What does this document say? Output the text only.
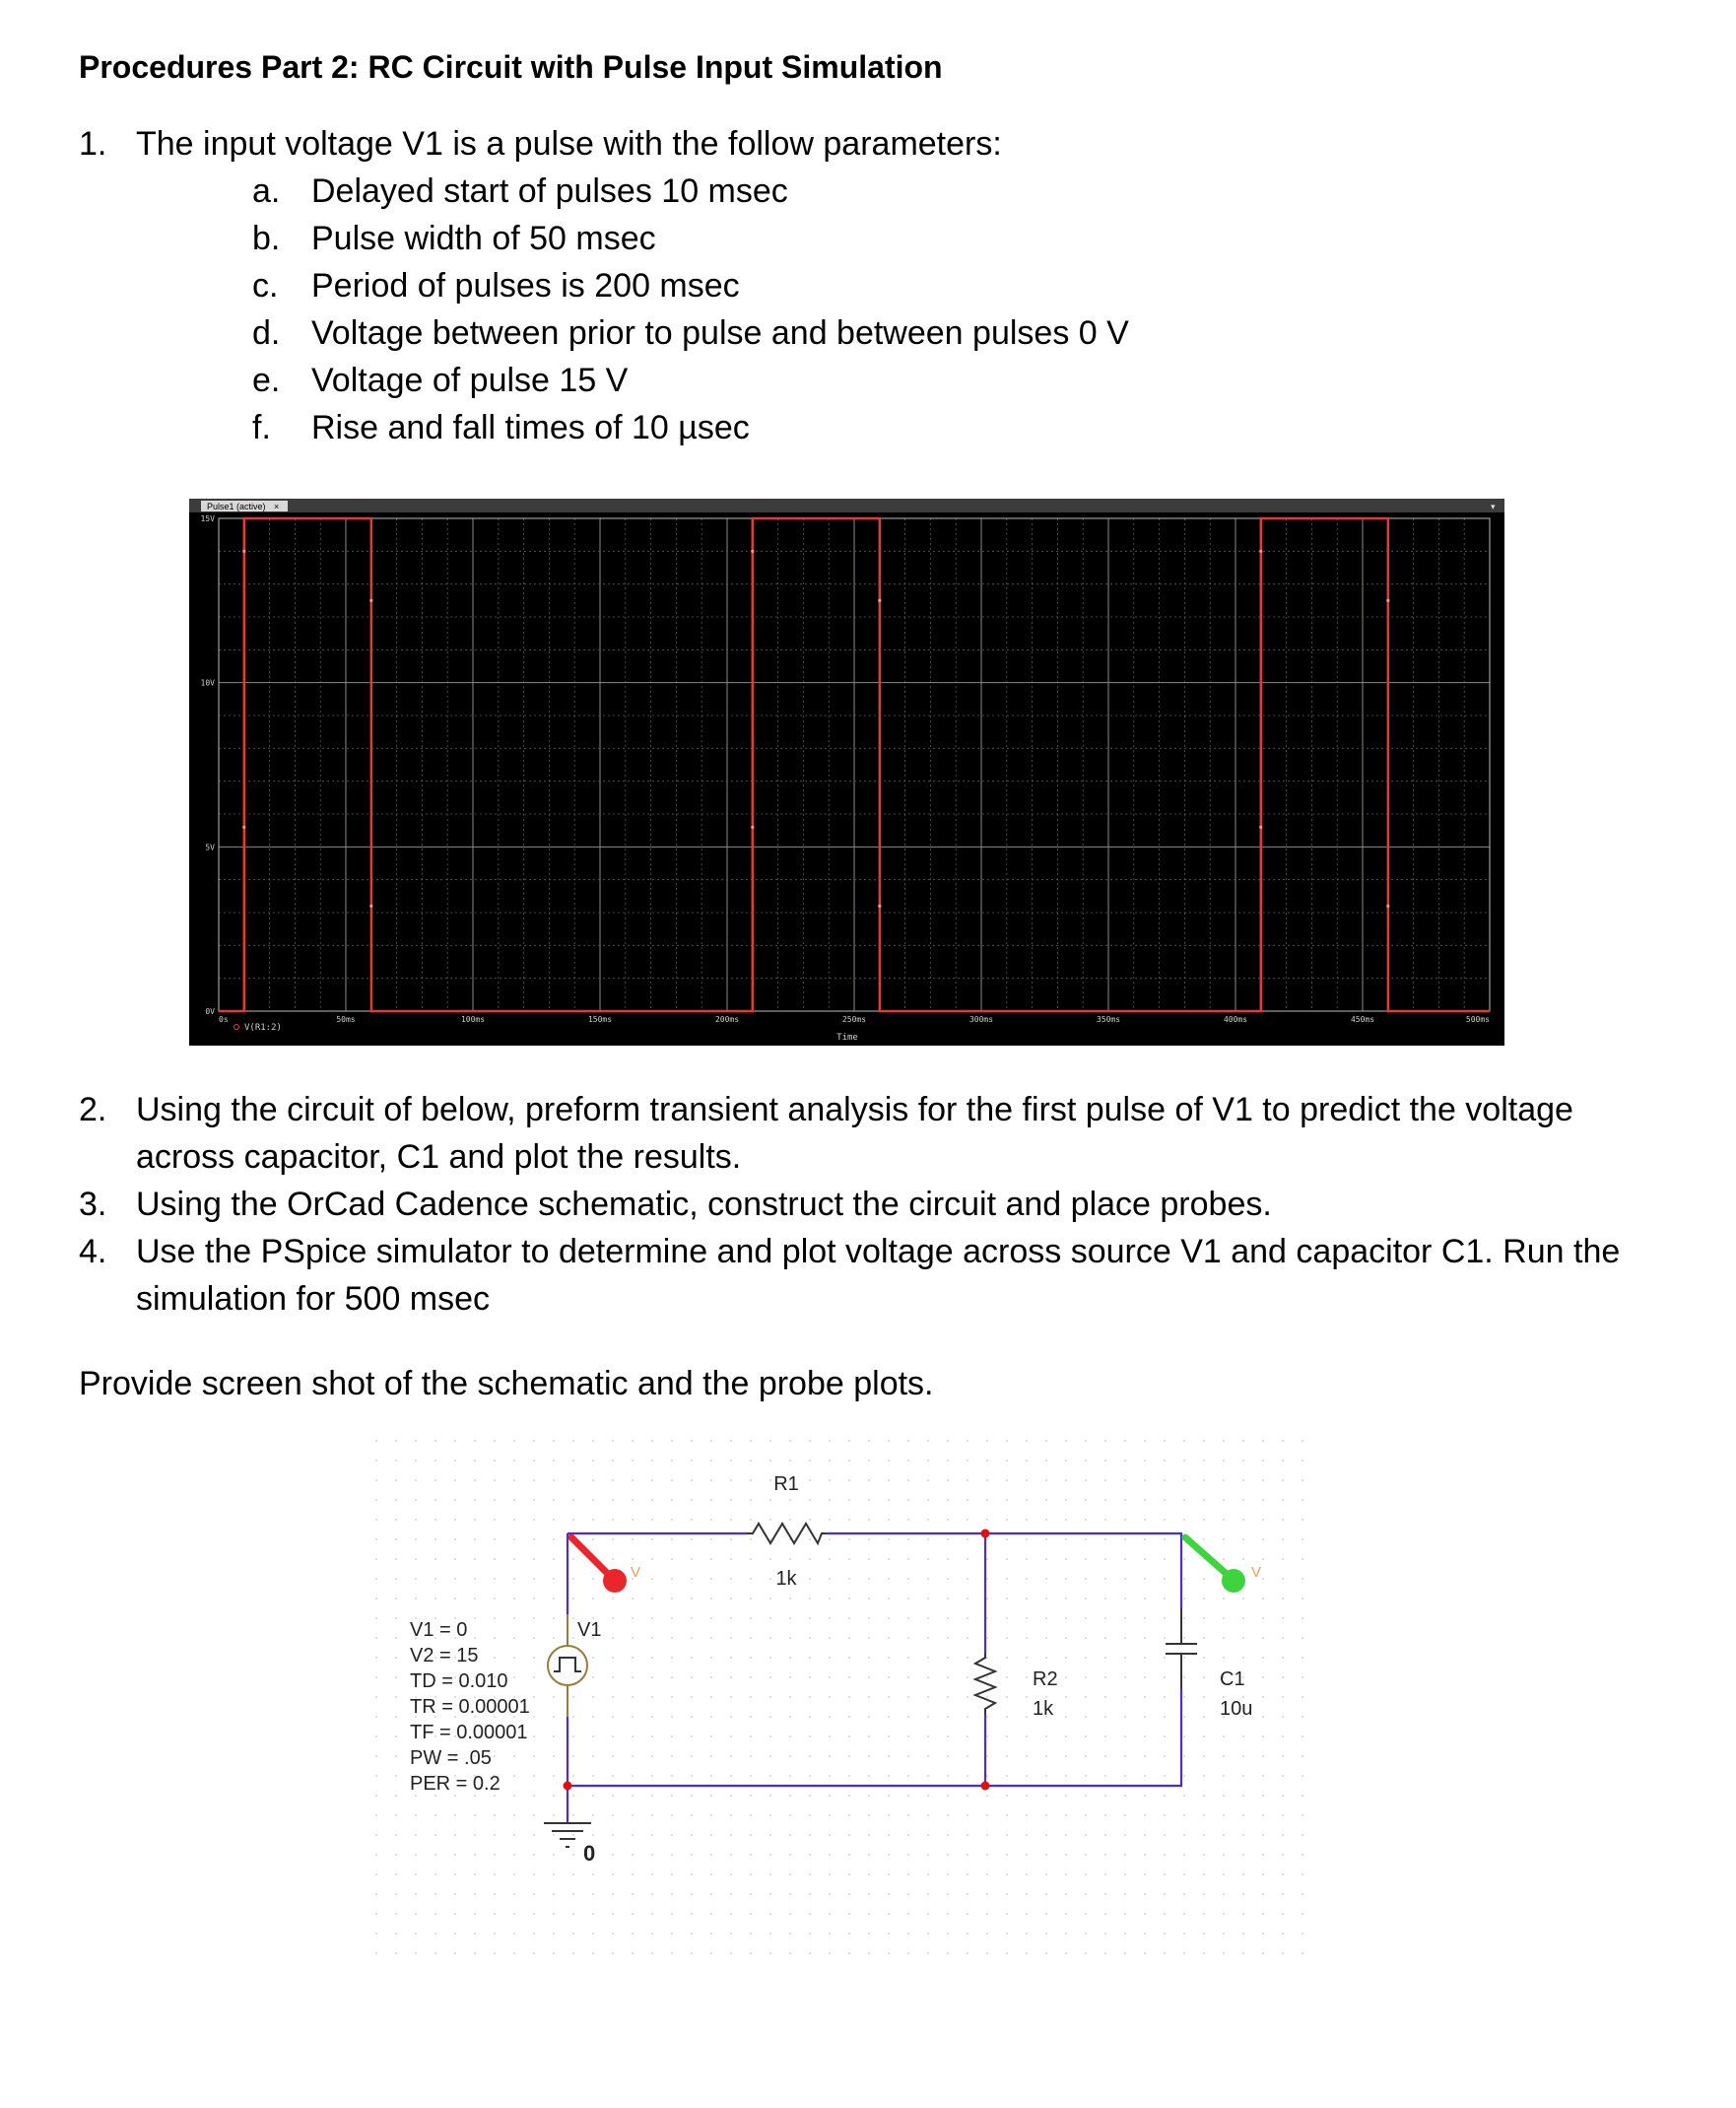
Procedures Part 2: RC Circuit with Pulse Input Simulation
1. The input voltage V1 is a pulse with the follow parameters:
a. Delayed start of pulses 10 msec
b. Pulse width of 50 msec
c. Period of pulses is 200 msec
d. Voltage between prior to pulse and between pulses 0 V
e. Voltage of pulse 15 V
f. Rise and fall times of 10 µsec
Pulse1 (active) ×	▾
0V
5V
10V
15V
0s	50ms	100ms	150ms	200ms	250ms	300ms	350ms	400ms	450ms	500ms
V(R1:2)
Time
2. Using the circuit of below, preform transient analysis for the first pulse of V1 to predict the voltage
across capacitor, C1 and plot the results.
3. Using the OrCad Cadence schematic, construct the circuit and place probes.
4. Use the PSpice simulator to determine and plot voltage across source V1 and capacitor C1. Run the
simulation for 500 msec
Provide screen shot of the schematic and the probe plots.
R1
1k
R2
1k
C1
10u
V1
V1 = 0
V2 = 15
TD = 0.010
TR = 0.00001
TF = 0.00001
PW = .05
PER = 0.2
0
V	V
